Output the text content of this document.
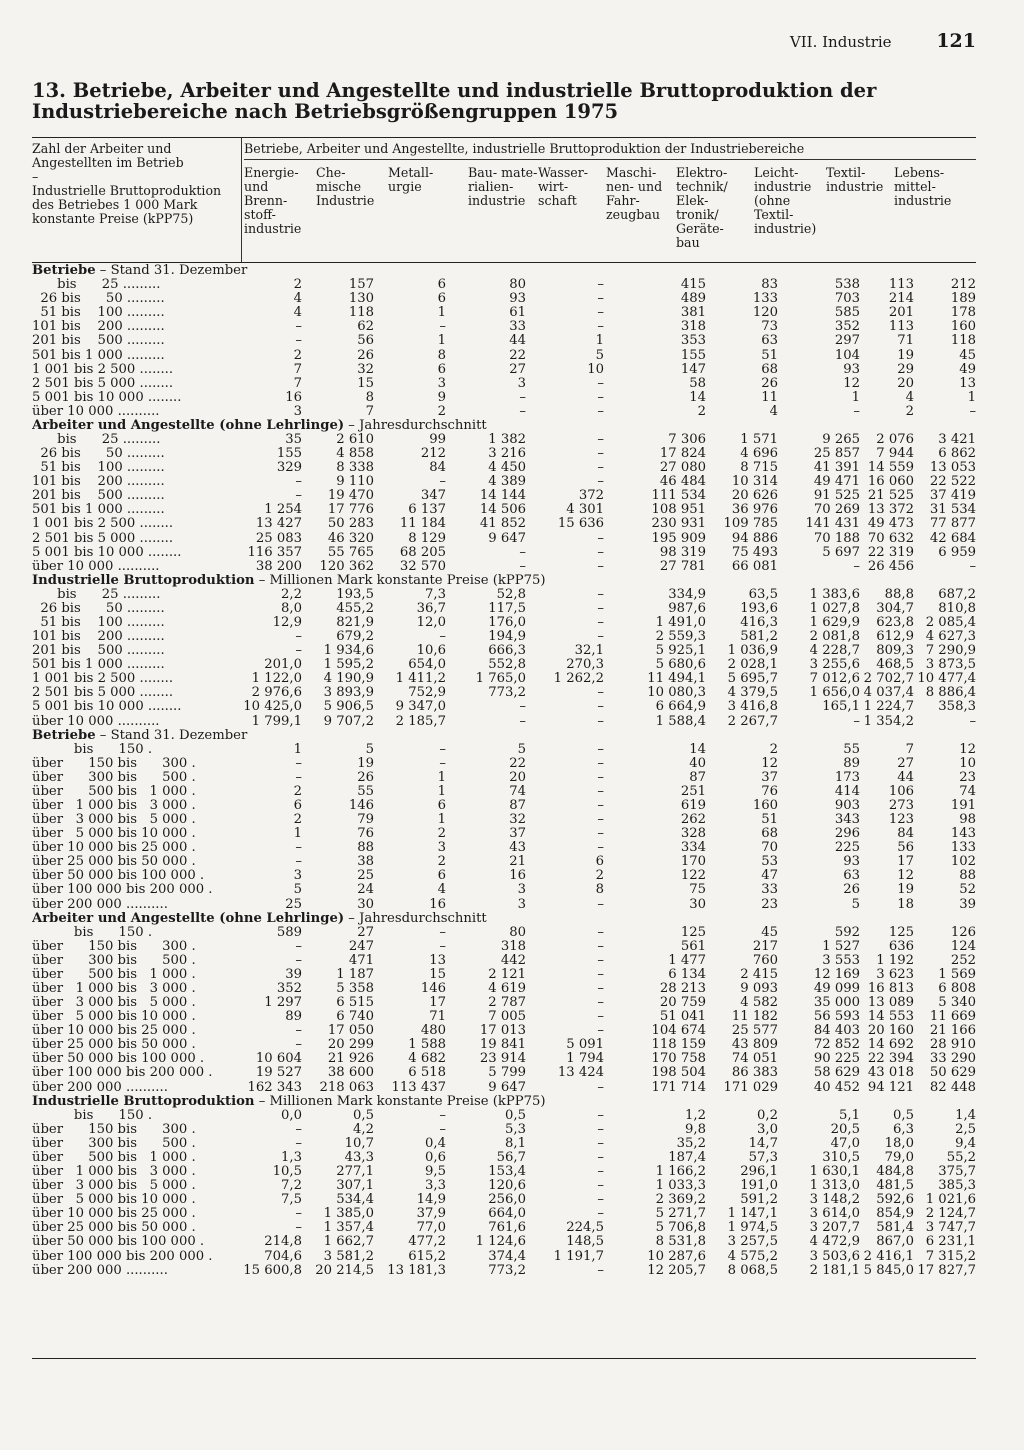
VII. Industrie 121
13. Betriebe, Arbeiter und Angestellte und industrielle Bruttoproduktion der Industriebereiche nach Betriebsgrößengruppen 1975
Zahl der Arbeiter und Angestellten im Betrieb
–
Industrielle Bruttoproduktion des Betriebes 1 000 Mark konstante Preise (kPP75)
Betriebe, Arbeiter und Angestellte, industrielle Bruttoproduktion der Industriebereiche
Energie- und Brenn- stoff- industrie
Che- mische Industrie
Metall- urgie
Bau- mate- rialien- industrie
Wasser- wirt- schaft
Maschi- nen- und Fahr- zeugbau
Elektro- technik/ Elek- tronik/ Geräte- bau
Leicht- industrie (ohne Textil- industrie)
Textil- industrie
Lebens- mittel- industrie
Betriebe – Stand 31. Dezember										
bis      25 .........	2	157	6	80	–	415	83	538	113	212
26 bis      50 .........	4	130	6	93	–	489	133	703	214	189
51 bis    100 .........	4	118	1	61	–	381	120	585	201	178
101 bis    200 .........	–	62	–	33	–	318	73	352	113	160
201 bis    500 .........	–	56	1	44	1	353	63	297	71	118
501 bis 1 000 .........	2	26	8	22	5	155	51	104	19	45
1 001 bis 2 500 ........	7	32	6	27	10	147	68	93	29	49
2 501 bis 5 000 ........	7	15	3	3	–	58	26	12	20	13
5 001 bis 10 000 ........	16	8	9	–	–	14	11	1	4	1
über 10 000 ..........	3	7	2	–	–	2	4	–	2	–
Arbeiter und Angestellte (ohne Lehrlinge) – Jahresdurchschnitt										
bis      25 .........	35	2 610	99	1 382	–	7 306	1 571	9 265	2 076	3 421
26 bis      50 .........	155	4 858	212	3 216	–	17 824	4 696	25 857	7 944	6 862
51 bis    100 .........	329	8 338	84	4 450	–	27 080	8 715	41 391	14 559	13 053
101 bis    200 .........	–	9 110	–	4 389	–	46 484	10 314	49 471	16 060	22 522
201 bis    500 .........	–	19 470	347	14 144	372	111 534	20 626	91 525	21 525	37 419
501 bis 1 000 .........	1 254	17 776	6 137	14 506	4 301	108 951	36 976	70 269	13 372	31 534
1 001 bis 2 500 ........	13 427	50 283	11 184	41 852	15 636	230 931	109 785	141 431	49 473	77 877
2 501 bis 5 000 ........	25 083	46 320	8 129	9 647	–	195 909	94 886	70 188	70 632	42 684
5 001 bis 10 000 ........	116 357	55 765	68 205	–	–	98 319	75 493	5 697	22 319	6 959
über 10 000 ..........	38 200	120 362	32 570	–	–	27 781	66 081	–	26 456	–
Industrielle Bruttoproduktion – Millionen Mark konstante Preise (kPP75)										
bis      25 .........	2,2	193,5	7,3	52,8	–	334,9	63,5	1 383,6	88,8	687,2
26 bis      50 .........	8,0	455,2	36,7	117,5	–	987,6	193,6	1 027,8	304,7	810,8
51 bis    100 .........	12,9	821,9	12,0	176,0	–	1 491,0	416,3	1 629,9	623,8	2 085,4
101 bis    200 .........	–	679,2	–	194,9	–	2 559,3	581,2	2 081,8	612,9	4 627,3
201 bis    500 .........	–	1 934,6	10,6	666,3	32,1	5 925,1	1 036,9	4 228,7	809,3	7 290,9
501 bis 1 000 .........	201,0	1 595,2	654,0	552,8	270,3	5 680,6	2 028,1	3 255,6	468,5	3 873,5
1 001 bis 2 500 ........	1 122,0	4 190,9	1 411,2	1 765,0	1 262,2	11 494,1	5 695,7	7 012,6	2 702,7	10 477,4
2 501 bis 5 000 ........	2 976,6	3 893,9	752,9	773,2	–	10 080,3	4 379,5	1 656,0	4 037,4	8 886,4
5 001 bis 10 000 ........	10 425,0	5 906,5	9 347,0	–	–	6 664,9	3 416,8	165,1	1 224,7	358,3
über 10 000 ..........	1 799,1	9 707,2	2 185,7	–	–	1 588,4	2 267,7	–	1 354,2	–
Betriebe – Stand 31. Dezember										
bis      150 .	1	5	–	5	–	14	2	55	7	12
über      150 bis      300 .	–	19	–	22	–	40	12	89	27	10
über      300 bis      500 .	–	26	1	20	–	87	37	173	44	23
über      500 bis   1 000 .	2	55	1	74	–	251	76	414	106	74
über   1 000 bis   3 000 .	6	146	6	87	–	619	160	903	273	191
über   3 000 bis   5 000 .	2	79	1	32	–	262	51	343	123	98
über   5 000 bis 10 000 .	1	76	2	37	–	328	68	296	84	143
über 10 000 bis 25 000 .	–	88	3	43	–	334	70	225	56	133
über 25 000 bis 50 000 .	–	38	2	21	6	170	53	93	17	102
über 50 000 bis 100 000 .	3	25	6	16	2	122	47	63	12	88
über 100 000 bis 200 000 .	5	24	4	3	8	75	33	26	19	52
über 200 000 ..........	25	30	16	3	–	30	23	5	18	39
Arbeiter und Angestellte (ohne Lehrlinge) – Jahresdurchschnitt										
bis      150 .	589	27	–	80	–	125	45	592	125	126
über      150 bis      300 .	–	247	–	318	–	561	217	1 527	636	124
über      300 bis      500 .	–	471	13	442	–	1 477	760	3 553	1 192	252
über      500 bis   1 000 .	39	1 187	15	2 121	–	6 134	2 415	12 169	3 623	1 569
über   1 000 bis   3 000 .	352	5 358	146	4 619	–	28 213	9 093	49 099	16 813	6 808
über   3 000 bis   5 000 .	1 297	6 515	17	2 787	–	20 759	4 582	35 000	13 089	5 340
über   5 000 bis 10 000 .	89	6 740	71	7 005	–	51 041	11 182	56 593	14 553	11 669
über 10 000 bis 25 000 .	–	17 050	480	17 013	–	104 674	25 577	84 403	20 160	21 166
über 25 000 bis 50 000 .	–	20 299	1 588	19 841	5 091	118 159	43 809	72 852	14 692	28 910
über 50 000 bis 100 000 .	10 604	21 926	4 682	23 914	1 794	170 758	74 051	90 225	22 394	33 290
über 100 000 bis 200 000 .	19 527	38 600	6 518	5 799	13 424	198 504	86 383	58 629	43 018	50 629
über 200 000 ..........	162 343	218 063	113 437	9 647	–	171 714	171 029	40 452	94 121	82 448
Industrielle Bruttoproduktion – Millionen Mark konstante Preise (kPP75)										
bis      150 .	0,0	0,5	–	0,5	–	1,2	0,2	5,1	0,5	1,4
über      150 bis      300 .	–	4,2	–	5,3	–	9,8	3,0	20,5	6,3	2,5
über      300 bis      500 .	–	10,7	0,4	8,1	–	35,2	14,7	47,0	18,0	9,4
über      500 bis   1 000 .	1,3	43,3	0,6	56,7	–	187,4	57,3	310,5	79,0	55,2
über   1 000 bis   3 000 .	10,5	277,1	9,5	153,4	–	1 166,2	296,1	1 630,1	484,8	375,7
über   3 000 bis   5 000 .	7,2	307,1	3,3	120,6	–	1 033,3	191,0	1 313,0	481,5	385,3
über   5 000 bis 10 000 .	7,5	534,4	14,9	256,0	–	2 369,2	591,2	3 148,2	592,6	1 021,6
über 10 000 bis 25 000 .	–	1 385,0	37,9	664,0	–	5 271,7	1 147,1	3 614,0	854,9	2 124,7
über 25 000 bis 50 000 .	–	1 357,4	77,0	761,6	224,5	5 706,8	1 974,5	3 207,7	581,4	3 747,7
über 50 000 bis 100 000 .	214,8	1 662,7	477,2	1 124,6	148,5	8 531,8	3 257,5	4 472,9	867,0	6 231,1
über 100 000 bis 200 000 .	704,6	3 581,2	615,2	374,4	1 191,7	10 287,6	4 575,2	3 503,6	2 416,1	7 315,2
über 200 000 ..........	15 600,8	20 214,5	13 181,3	773,2	–	12 205,7	8 068,5	2 181,1	5 845,0	17 827,7
